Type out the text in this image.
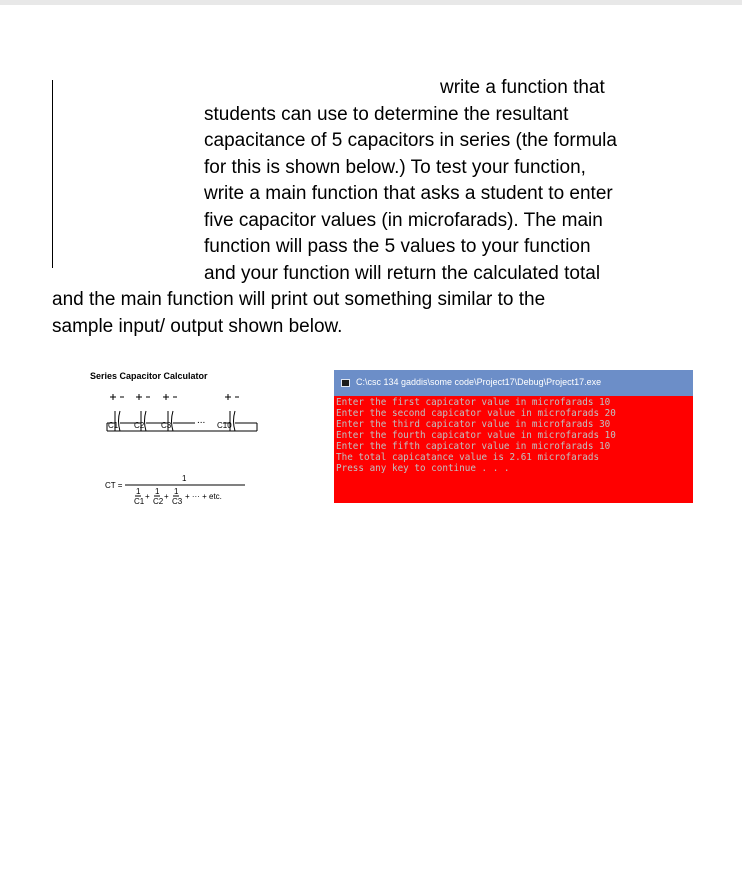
write a function that
students can use to determine the resultant
capacitance of 5 capacitors in series (the formula
for this is shown below.) To test your function,
write a main function that asks a student to enter
five capacitor values (in microfarads). The main
function will pass the 5 values to your function
and your function will return the calculated total
and the main function will print out something similar to the
sample input/ output shown below.
Series Capacitor Calculator
C1 C2 C3	C10
...
CT =
1
1
C1
+
1
C2
+
1
C3
+ ··· + etc.
C:\csc 134 gaddis\some code\Project17\Debug\Project17.exe
Enter the first capicator value in microfarads 10
Enter the second capicator value in microfarads 20
Enter the third capicator value in microfarads 30
Enter the fourth capicator value in microfarads 10
Enter the fifth capicator value in microfarads 10
The total capicatance value is 2.61 microfarads
Press any key to continue . . .
